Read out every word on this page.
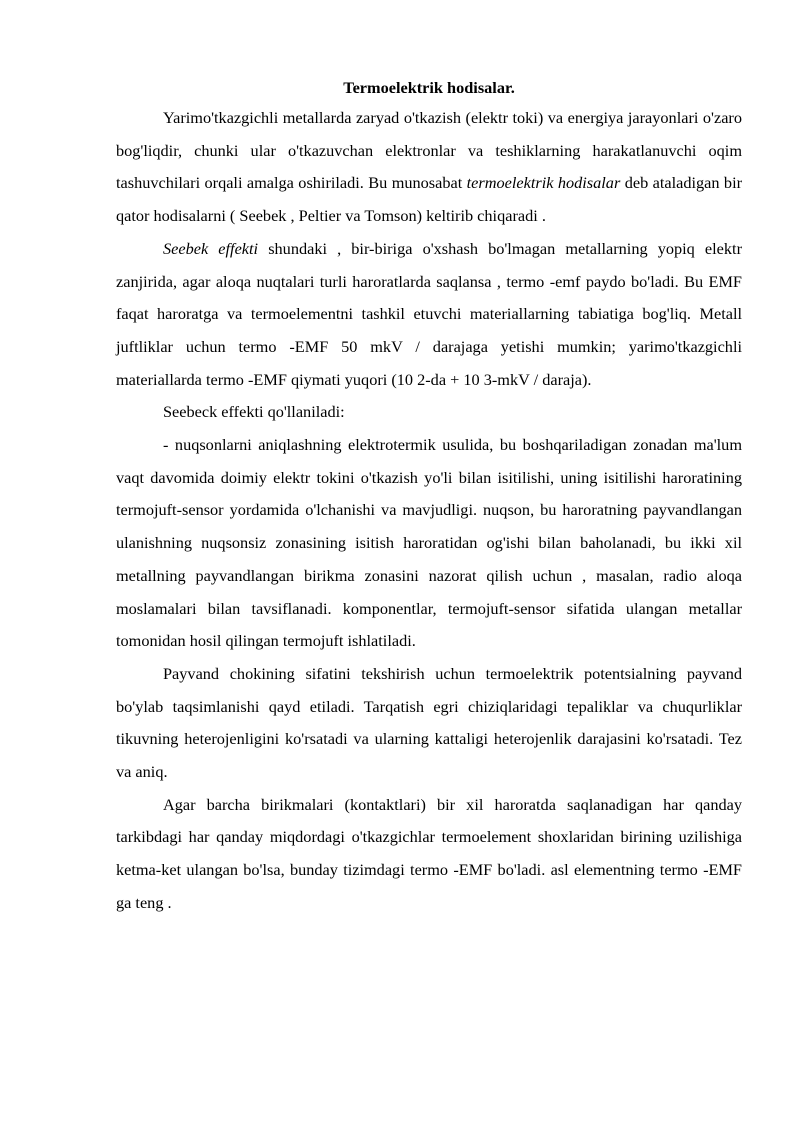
Termoelektrik hodisalar.

Yarimo'tkazgichli metallarda zaryad o'tkazish (elektr toki) va energiya jarayonlari o'zaro bog'liqdir, chunki ular o'tkazuvchan elektronlar va teshiklarning harakatlanuvchi oqim tashuvchilari orqali amalga oshiriladi. Bu munosabat termoelektrik hodisalar deb ataladigan bir qator hodisalarni ( Seebek , Peltier va Tomson) keltirib chiqaradi .

Seebek effekti shundaki , bir-biriga o'xshash bo'lmagan metallarning yopiq elektr zanjirida, agar aloqa nuqtalari turli haroratlarda saqlansa , termo -emf paydo bo'ladi. Bu EMF faqat haroratga va termoelementni tashkil etuvchi materiallarning tabiatiga bog'liq. Metall juftliklar uchun termo -EMF 50 mkV / darajaga yetishi mumkin; yarimo'tkazgichli materiallarda termo -EMF qiymati yuqori (10 2-da + 10 3-mkV / daraja).

Seebeck effekti qo'llaniladi:

- nuqsonlarni aniqlashning elektrotermik usulida, bu boshqariladigan zonadan ma'lum vaqt davomida doimiy elektr tokini o'tkazish yo'li bilan isitilishi, uning isitilishi haroratining termojuft-sensor yordamida o'lchanishi va mavjudligi. nuqson, bu haroratning payvandlangan ulanishning nuqsonsiz zonasining isitish haroratidan og'ishi bilan baholanadi, bu ikki xil metallning payvandlangan birikma zonasini nazorat qilish uchun , masalan, radio aloqa moslamalari bilan tavsiflanadi. komponentlar, termojuft-sensor sifatida ulangan metallar tomonidan hosil qilingan termojuft ishlatiladi.

Payvand chokining sifatini tekshirish uchun termoelektrik potentsialning payvand bo'ylab taqsimlanishi qayd etiladi. Tarqatish egri chiziqlaridagi tepaliklar va chuqurliklar tikuvning heterojenligini ko'rsatadi va ularning kattaligi heterojenlik darajasini ko'rsatadi. Tez va aniq.

Agar barcha birikmalari (kontaktlari) bir xil haroratda saqlanadigan har qanday tarkibdagi har qanday miqdordagi o'tkazgichlar termoelement shoxlaridan birining uzilishiga ketma-ket ulangan bo'lsa, bunday tizimdagi termo -EMF bo'ladi. asl elementning termo -EMF ga teng .
